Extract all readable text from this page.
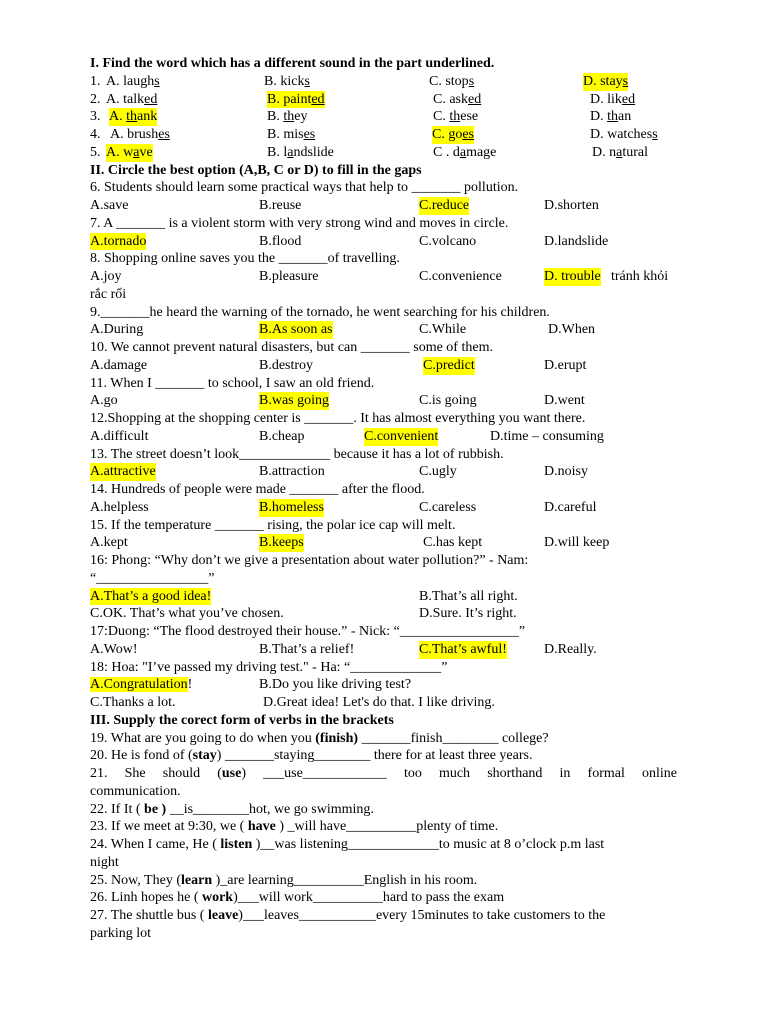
I. Find the word which has a different sound in the part underlined.
1. A. laughs	B. kicks	C. stops	D. stays
2. A. talked	B. painted	C. asked	D. liked
3. A. thank	B. they	C. these	D. than
4. A. brushes	B. mises	C. goes	D. watchess
5. A. wave	B. landslide	C . damage	D. natural
II. Circle the best option (A,B, C or D) to fill in the gaps
6. Students should learn some practical ways that help to _______ pollution.
A.save	B.reuse	C.reduce	D.shorten
7. A _______ is a violent storm with very strong wind and moves in circle.
A.tornado	B.flood	C.volcano	D.landslide
8. Shopping online saves you the _______of travelling.
A.joy	B.pleasure	C.convenience	D. trouble tránh khỏi
rắc rối
9._______he heard the warning of the tornado, he went searching for his children.
A.During	B.As soon as	C.While	D.When
10. We cannot prevent natural disasters, but can _______ some of them.
A.damage	B.destroy	C.predict	D.erupt
11. When I _______ to school, I saw an old friend.
A.go	B.was going	C.is going	D.went
12.Shopping at the shopping center is _______. It has almost everything you want there.
A.difficult	B.cheap	C.convenient	D.time – consuming
13. The street doesn’t look_____________ because it has a lot of rubbish.
A.attractive	B.attraction	C.ugly	D.noisy
14. Hundreds of people were made _______ after the flood.
A.helpless	B.homeless	C.careless	D.careful
15. If the temperature _______ rising, the polar ice cap will melt.
A.kept	B.keeps	C.has kept	D.will keep
16: Phong: “Why don’t we give a presentation about water pollution?” - Nam:
“________________”
A.That’s a good idea!	B.That’s all right.
C.OK. That’s what you’ve chosen.	D.Sure. It’s right.
17:Duong: “The flood destroyed their house.” - Nick: “_________________”
A.Wow!	B.That’s a relief!	C.That’s awful!	D.Really.
18: Hoa: "I’ve passed my driving test." - Ha: “_____________”
A.Congratulation!	B.Do you like driving test?
C.Thanks a lot.	D.Great idea! Let's do that. I like driving.
III. Supply the corect form of verbs in the brackets
19. What are you going to do when you (finish) _______finish________ college?
20. He is fond of (stay) _______staying________ there for at least three years.
21. She should (use) ___use____________ too much shorthand in formal online
communication.
22. If It ( be ) __is________hot, we go swimming.
23. If we meet at 9:30, we ( have ) _will have__________plenty of time.
24. When I came, He ( listen )__was listening_____________to music at 8 o’clock p.m last
night
25. Now, They (learn )_are learning__________English in his room.
26. Linh hopes he ( work)___will work__________hard to pass the exam
27. The shuttle bus ( leave)___leaves___________every 15minutes to take customers to the
parking lot
